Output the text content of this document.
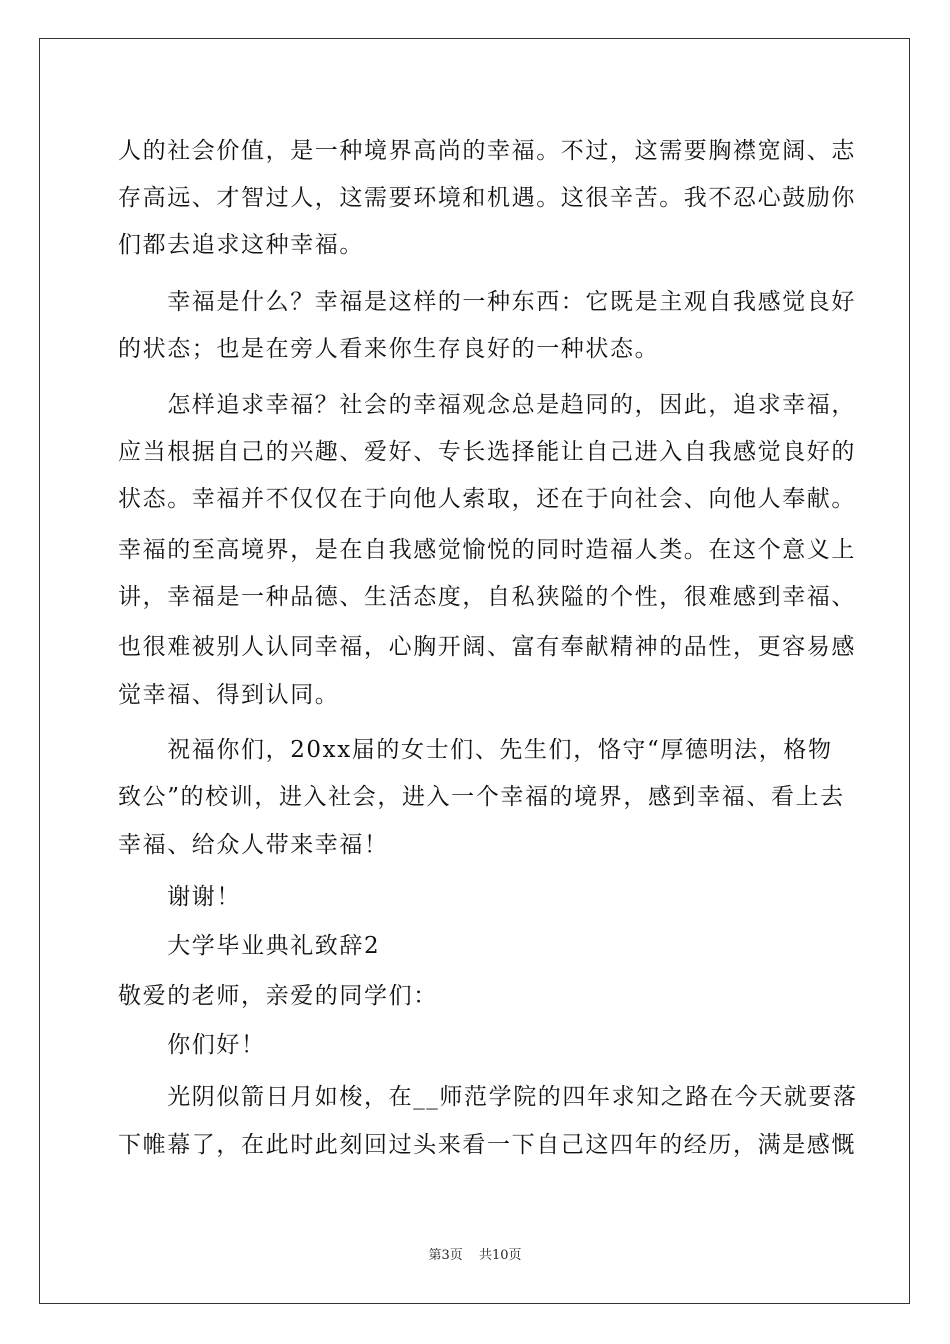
人的社会价值，是一种境界高尚的幸福。不过，这需要胸襟宽阔、志
存高远、才智过人，这需要环境和机遇。这很辛苦。我不忍心鼓励你
们都去追求这种幸福。
　　幸福是什么？幸福是这样的一种东西：它既是主观自我感觉良好
的状态；也是在旁人看来你生存良好的一种状态。
　　怎样追求幸福？社会的幸福观念总是趋同的，因此，追求幸福，
应当根据自己的兴趣、爱好、专长选择能让自己进入自我感觉良好的
状态。幸福并不仅仅在于向他人索取，还在于向社会、向他人奉献。
幸福的至高境界，是在自我感觉愉悦的同时造福人类。在这个意义上
讲，幸福是一种品德、生活态度，自私狭隘的个性，很难感到幸福、
也很难被别人认同幸福，心胸开阔、富有奉献精神的品性，更容易感
觉幸福、得到认同。
　　祝福你们，20xx届的女士们、先生们，恪守“厚德明法，格物
致公”的校训，进入社会，进入一个幸福的境界，感到幸福、看上去
幸福、给众人带来幸福！
　　谢谢！
　　大学毕业典礼致辞2
敬爱的老师，亲爱的同学们：
　　你们好！
　　光阴似箭日月如梭，在__师范学院的四年求知之路在今天就要落
下帷幕了，在此时此刻回过头来看一下自己这四年的经历，满是感慨
第3页 共10页
